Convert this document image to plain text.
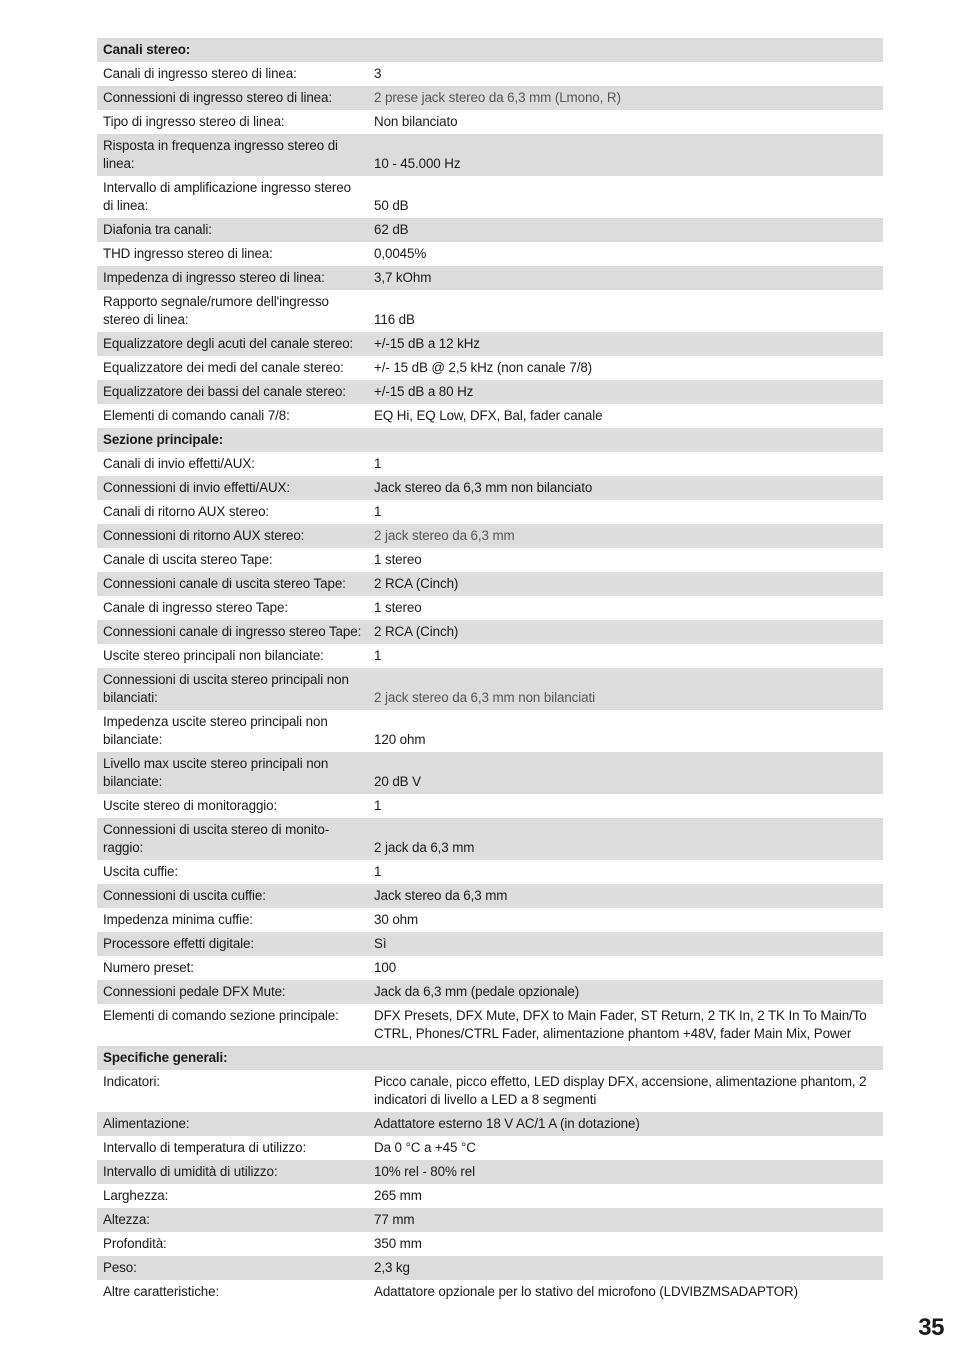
Canali stereo:	
Canali di ingresso stereo di linea:	3
Connessioni di ingresso stereo di linea:	2 prese jack stereo da 6,3 mm (Lmono, R)
Tipo di ingresso stereo di linea:	Non bilanciato
Risposta in frequenza ingresso stereo di linea:	10 - 45.000 Hz
Intervallo di amplificazione ingresso stereo di linea:	50 dB
Diafonia tra canali:	62 dB
THD ingresso stereo di linea:	0,0045%
Impedenza di ingresso stereo di linea:	3,7 kOhm
Rapporto segnale/rumore dell'ingresso stereo di linea:	116 dB
Equalizzatore degli acuti del canale stereo:	+/-15 dB a 12 kHz
Equalizzatore dei medi del canale stereo:	+/- 15 dB @ 2,5 kHz (non canale 7/8)
Equalizzatore dei bassi del canale stereo:	+/-15 dB a 80 Hz
Elementi di comando canali 7/8:	EQ Hi, EQ Low, DFX, Bal, fader canale
Sezione principale:	
Canali di invio effetti/AUX:	1
Connessioni di invio effetti/AUX:	Jack stereo da 6,3 mm non bilanciato
Canali di ritorno AUX stereo:	1
Connessioni di ritorno AUX stereo:	2 jack stereo da 6,3 mm
Canale di uscita stereo Tape:	1 stereo
Connessioni canale di uscita stereo Tape:	2 RCA (Cinch)
Canale di ingresso stereo Tape:	1 stereo
Connessioni canale di ingresso stereo Tape:	2 RCA (Cinch)
Uscite stereo principali non bilanciate:	1
Connessioni di uscita stereo principali non bilanciati:	2 jack stereo da 6,3 mm non bilanciati
Impedenza uscite stereo principali non bilanciate:	120 ohm
Livello max uscite stereo principali non bilanciate:	20 dB V
Uscite stereo di monitoraggio:	1
Connessioni di uscita stereo di monito-raggio:	2 jack da 6,3 mm
Uscita cuffie:	1
Connessioni di uscita cuffie:	Jack stereo da 6,3 mm
Impedenza minima cuffie:	30 ohm
Processore effetti digitale:	Sì
Numero preset:	100
Connessioni pedale DFX Mute:	Jack da 6,3 mm (pedale opzionale)
Elementi di comando sezione principale:	DFX Presets, DFX Mute, DFX to Main Fader, ST Return, 2 TK In, 2 TK In To Main/To CTRL, Phones/CTRL Fader, alimentazione phantom +48V, fader Main Mix, Power
Specifiche generali:	
Indicatori:	Picco canale, picco effetto, LED display DFX, accensione, alimentazione phantom, 2 indicatori di livello a LED a 8 segmenti
Alimentazione:	Adattatore esterno 18 V AC/1 A (in dotazione)
Intervallo di temperatura di utilizzo:	Da 0 °C a +45 °C
Intervallo di umidità di utilizzo:	10% rel - 80% rel
Larghezza:	265 mm
Altezza:	77 mm
Profondità:	350 mm
Peso:	2,3 kg
Altre caratteristiche:	Adattatore opzionale per lo stativo del microfono (LDVIBZMSADAPTOR)
35
